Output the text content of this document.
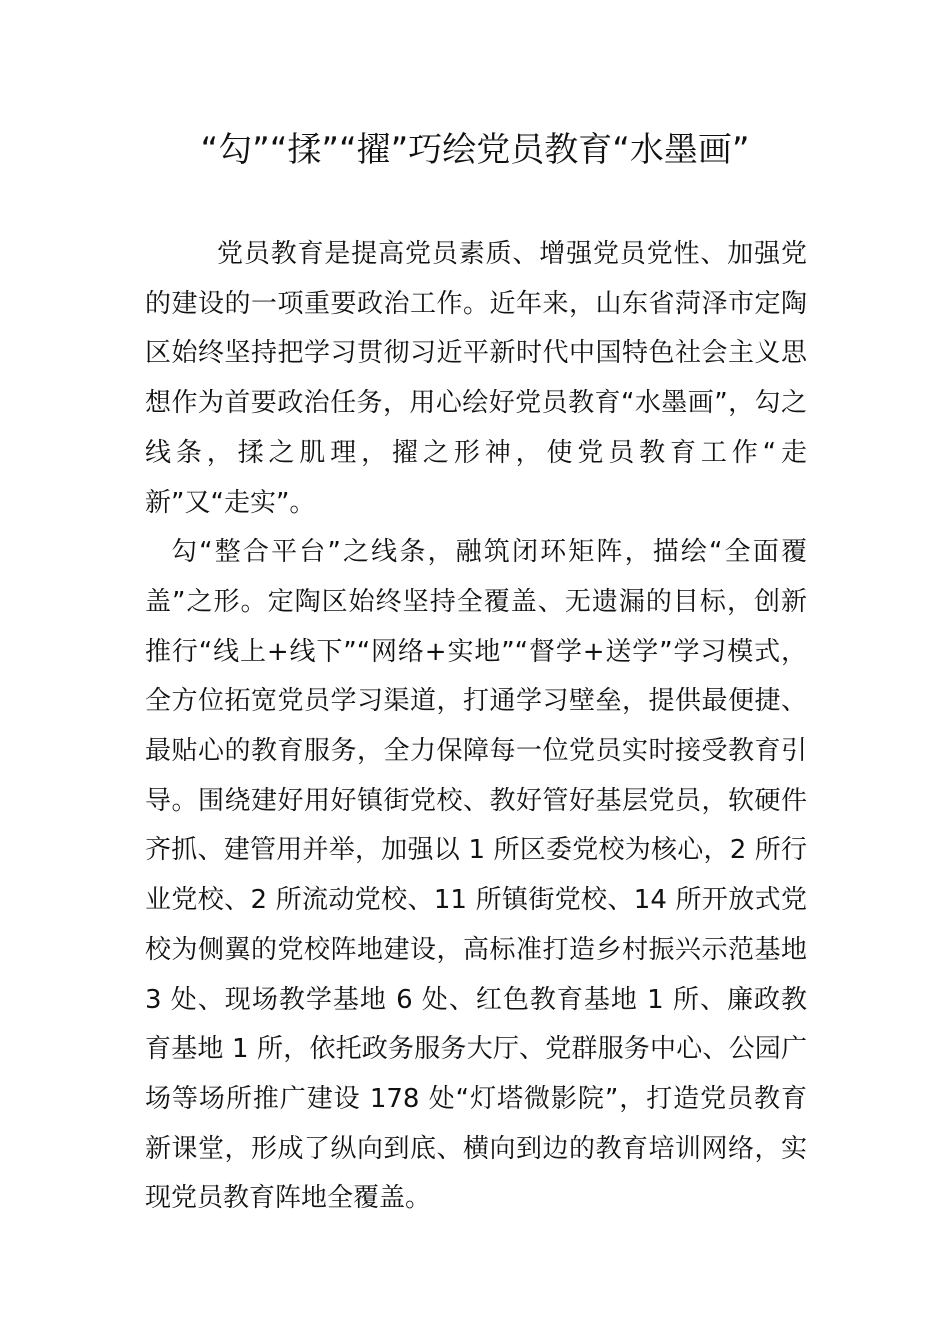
“勾”“揉”“擢”巧绘党员教育“水墨画”

党员教育是提高党员素质、增强党员党性、加强党的建设的一项重要政治工作。近年来，山东省菏泽市定陶区始终坚持把学习贯彻习近平新时代中国特色社会主义思想作为首要政治任务，用心绘好党员教育“水墨画”，勾之线条，揉之肌理，擢之形神，使党员教育工作“走新”又“走实”。

勾“整合平台”之线条，融筑闭环矩阵，描绘“全面覆盖”之形。定陶区始终坚持全覆盖、无遗漏的目标，创新推行“线上+线下”“网络+实地”“督学+送学”学习模式，全方位拓宽党员学习渠道，打通学习壁垒，提供最便捷、最贴心的教育服务，全力保障每一位党员实时接受教育引导。围绕建好用好镇街党校、教好管好基层党员，软硬件齐抓、建管用并举，加强以 1 所区委党校为核心，2 所行业党校、2 所流动党校、11 所镇街党校、14 所开放式党校为侧翼的党校阵地建设，高标准打造乡村振兴示范基地 3 处、现场教学基地 6 处、红色教育基地 1 所、廉政教育基地 1 所，依托政务服务大厅、党群服务中心、公园广场等场所推广建设 178 处“灯塔微影院”，打造党员教育新课堂，形成了纵向到底、横向到边的教育培训网络，实现党员教育阵地全覆盖。
